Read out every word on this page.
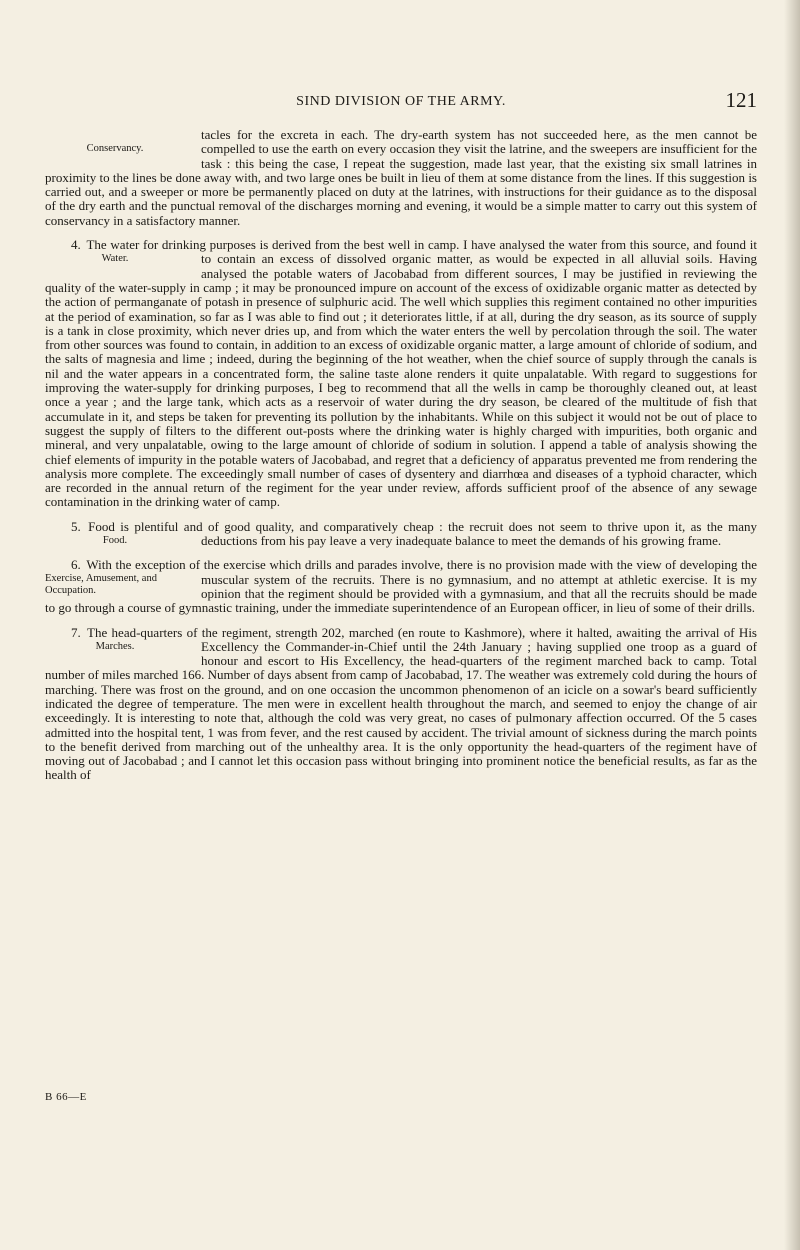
SIND DIVISION OF THE ARMY.	121

Conservancy.
tacles for the excreta in each. The dry-earth system has not succeeded here, as the men cannot be compelled to use the earth on every occasion they visit the latrine, and the sweepers are insufficient for the task : this being the case, I repeat the suggestion, made last year, that the existing six small latrines in proximity to the lines be done away with, and two large ones be built in lieu of them at some distance from the lines. If this suggestion is carried out, and a sweeper or more be permanently placed on duty at the latrines, with instructions for their guidance as to the disposal of the dry earth and the punctual removal of the discharges morning and evening, it would be a simple matter to carry out this system of conservancy in a satisfactory manner.

4.
Water.
The water for drinking purposes is derived from the best well in camp. I have analysed the water from this source, and found it to contain an excess of dissolved organic matter, as would be expected in all alluvial soils. Having analysed the potable waters of Jacobabad from different sources, I may be justified in reviewing the quality of the water-supply in camp ; it may be pronounced impure on account of the excess of oxidizable organic matter as detected by the action of permanganate of potash in presence of sulphuric acid. The well which supplies this regiment contained no other impurities at the period of examination, so far as I was able to find out ; it deteriorates little, if at all, during the dry season, as its source of supply is a tank in close proximity, which never dries up, and from which the water enters the well by percolation through the soil. The water from other sources was found to contain, in addition to an excess of oxidizable organic matter, a large amount of chloride of sodium, and the salts of magnesia and lime ; indeed, during the beginning of the hot weather, when the chief source of supply through the canals is nil and the water appears in a concentrated form, the saline taste alone renders it quite unpalatable. With regard to suggestions for improving the water-supply for drinking purposes, I beg to recommend that all the wells in camp be thoroughly cleaned out, at least once a year ; and the large tank, which acts as a reservoir of water during the dry season, be cleared of the multitude of fish that accumulate in it, and steps be taken for preventing its pollution by the inhabitants. While on this subject it would not be out of place to suggest the supply of filters to the different out-posts where the drinking water is highly charged with impurities, both organic and mineral, and very unpalatable, owing to the large amount of chloride of sodium in solution. I append a table of analysis showing the chief elements of impurity in the potable waters of Jacobabad, and regret that a deficiency of apparatus prevented me from rendering the analysis more complete. The exceedingly small number of cases of dysentery and diarrhœa and diseases of a typhoid character, which are recorded in the annual return of the regiment for the year under review, affords sufficient proof of the absence of any sewage contamination in the drinking water of camp.

5.
Food.
Food is plentiful and of good quality, and comparatively cheap : the recruit does not seem to thrive upon it, as the many deductions from his pay leave a very inadequate balance to meet the demands of his growing frame.

6.
Exercise, Amusement, and Occupation.
With the exception of the exercise which drills and parades involve, there is no provision made with the view of developing the muscular system of the recruits. There is no gymnasium, and no attempt at athletic exercise. It is my opinion that the regiment should be provided with a gymnasium, and that all the recruits should be made to go through a course of gymnastic training, under the immediate superintendence of an European officer, in lieu of some of their drills.

7.
Marches.
The head-quarters of the regiment, strength 202, marched (en route to Kashmore), where it halted, awaiting the arrival of His Excellency the Commander-in-Chief until the 24th January ; having supplied one troop as a guard of honour and escort to His Excellency, the head-quarters of the regiment marched back to camp. Total number of miles marched 166. Number of days absent from camp of Jacobabad, 17. The weather was extremely cold during the hours of marching. There was frost on the ground, and on one occasion the uncommon phenomenon of an icicle on a sowar's beard sufficiently indicated the degree of temperature. The men were in excellent health throughout the march, and seemed to enjoy the change of air exceedingly. It is interesting to note that, although the cold was very great, no cases of pulmonary affection occurred. Of the 5 cases admitted into the hospital tent, 1 was from fever, and the rest caused by accident. The trivial amount of sickness during the march points to the benefit derived from marching out of the unhealthy area. It is the only opportunity the head-quarters of the regiment have of moving out of Jacobabad ; and I cannot let this occasion pass without bringing into prominent notice the beneficial results, as far as the health of

B 66—E
